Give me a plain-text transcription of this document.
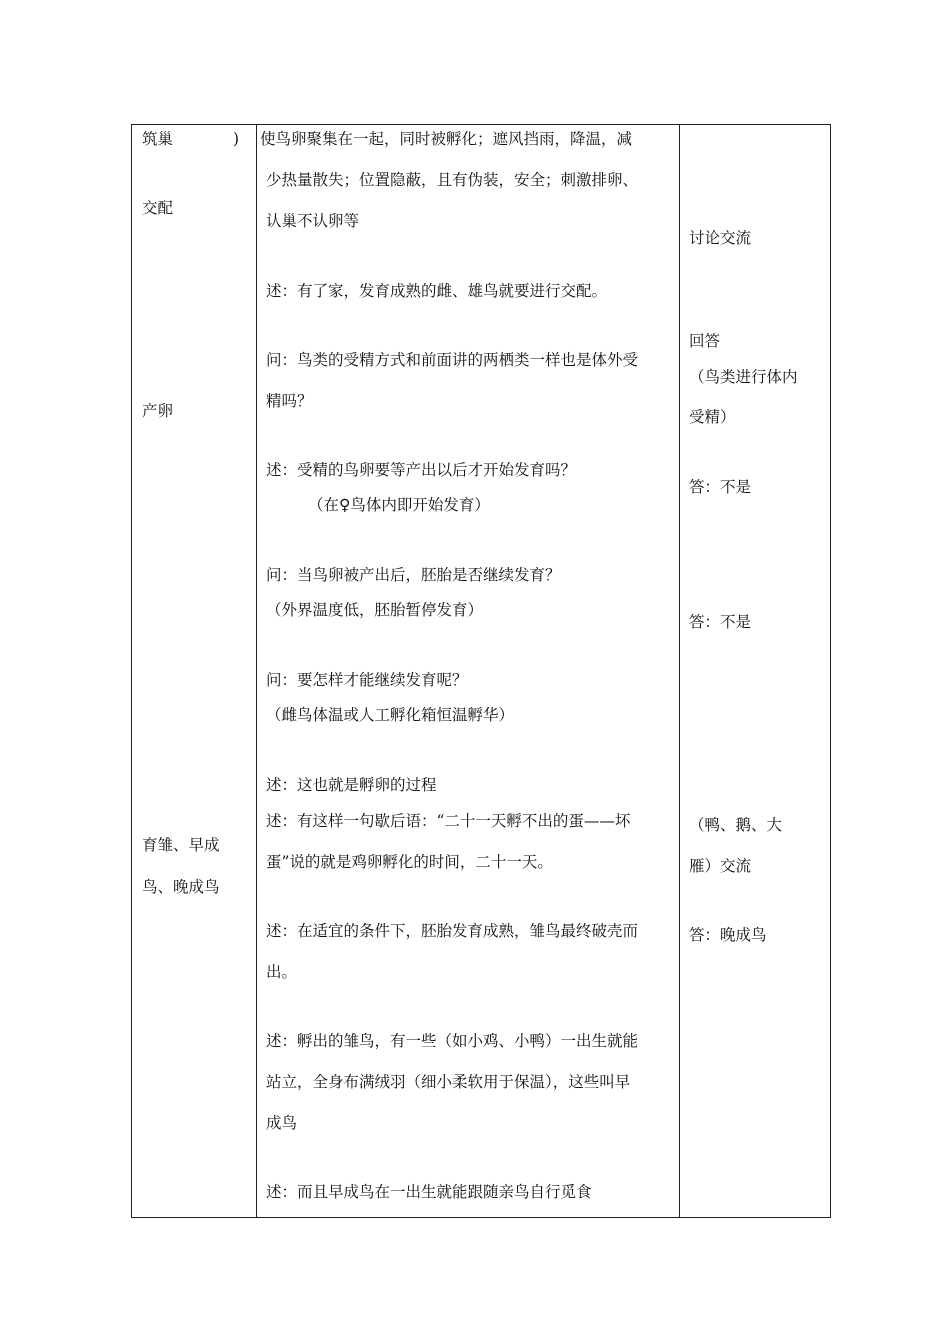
筑巢	)
交配
产卵
育雏、早成
鸟、晚成鸟
使鸟卵聚集在一起，同时被孵化；遮风挡雨，降温，减
少热量散失；位置隐蔽，且有伪装，安全；刺激排卵、
认巢不认卵等
述：有了家，发育成熟的雌、雄鸟就要进行交配。
问：鸟类的受精方式和前面讲的两栖类一样也是体外受
精吗？
述：受精的鸟卵要等产出以后才开始发育吗？
（在♀鸟体内即开始发育）
问：当鸟卵被产出后，胚胎是否继续发育？
（外界温度低，胚胎暂停发育）
问：要怎样才能继续发育呢？
（雌鸟体温或人工孵化箱恒温孵华）
述：这也就是孵卵的过程
述：有这样一句歇后语：“二十一天孵不出的蛋——坏
蛋”说的就是鸡卵孵化的时间，二十一天。
述：在适宜的条件下，胚胎发育成熟，雏鸟最终破壳而
出。
述：孵出的雏鸟，有一些（如小鸡、小鸭）一出生就能
站立，全身布满绒羽（细小柔软用于保温），这些叫早
成鸟
述：而且早成鸟在一出生就能跟随亲鸟自行觅食
讨论交流
回答
（鸟类进行体内
受精）
答：不是
答：不是
（鸭、鹅、大
雁）交流
答：晚成鸟
